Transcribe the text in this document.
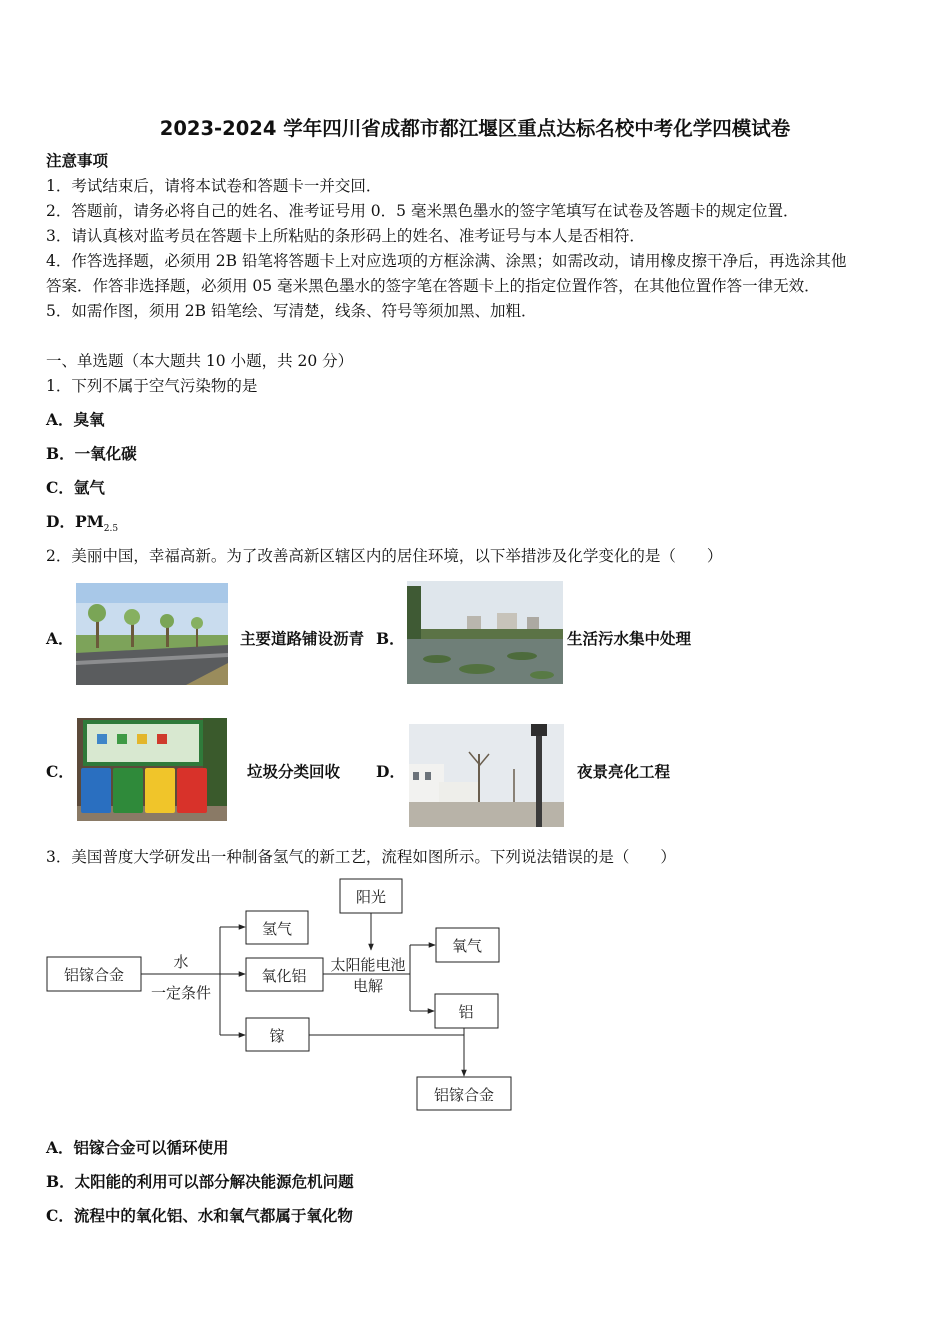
2023-2024 学年四川省成都市都江堰区重点达标名校中考化学四模试卷
注意事项
1．考试结束后，请将本试卷和答题卡一并交回．
2．答题前，请务必将自己的姓名、准考证号用 0．5 毫米黑色墨水的签字笔填写在试卷及答题卡的规定位置．
3．请认真核对监考员在答题卡上所粘贴的条形码上的姓名、准考证号与本人是否相符．
4．作答选择题，必须用 2B 铅笔将答题卡上对应选项的方框涂满、涂黑；如需改动，请用橡皮擦干净后，再选涂其他
答案．作答非选择题，必须用 05 毫米黑色墨水的签字笔在答题卡上的指定位置作答，在其他位置作答一律无效．
5．如需作图，须用 2B 铅笔绘、写清楚，线条、符号等须加黑、加粗．
一、单选题（本大题共 10 小题，共 20 分）
1．下列不属于空气污染物的是
A．臭氧
B．一氧化碳
C．氩气
D．$PM_{2.5}$
2．美丽中国，幸福高新。为了改善高新区辖区内的居住环境，以下举措涉及化学变化的是（　　）
A．	主要道路铺设沥青 B．	生活污水集中处理
C．	垃圾分类回收 D．	夜景亮化工程
3．美国普度大学研发出一种制备氢气的新工艺，流程如图所示。下列说法错误的是（　　）
阳光
氢气
氧气
铝镓合金	氧化铝
铝
镓
铝镓合金
水
一定条件
太阳能电池
电解
A．铝镓合金可以循环使用
B．太阳能的利用可以部分解决能源危机问题
C．流程中的氧化铝、水和氧气都属于氧化物
